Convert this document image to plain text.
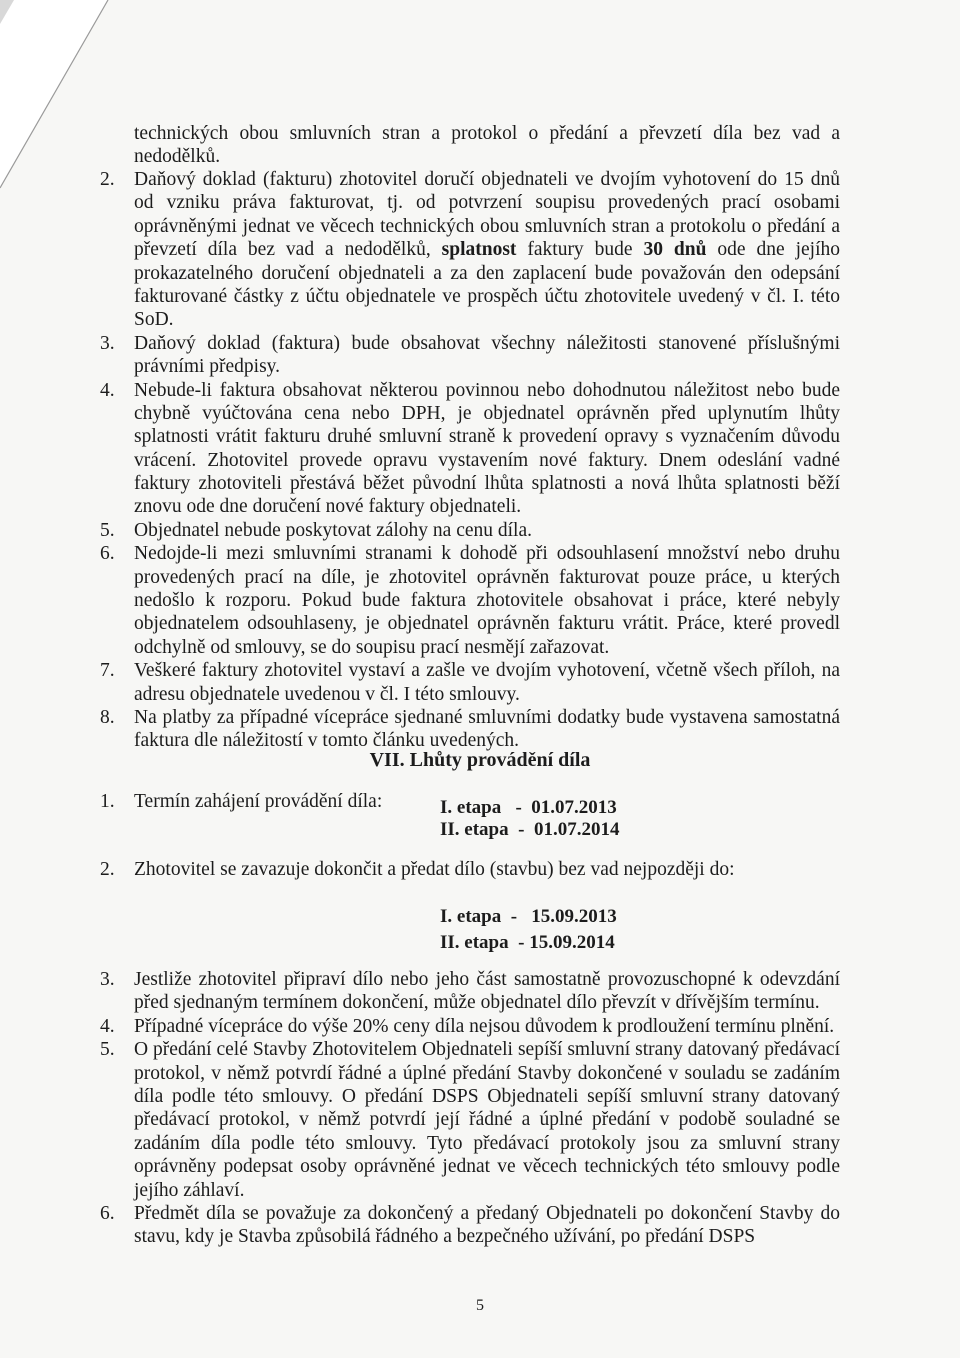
technických obou smluvních stran a protokol o předání a převzetí díla bez vad a nedodělků.
2. Daňový doklad (fakturu) zhotovitel doručí objednateli ve dvojím vyhotovení do 15 dnů od vzniku práva fakturovat, tj. od potvrzení soupisu provedených prací osobami oprávněnými jednat ve věcech technických obou smluvních stran a protokolu o předání a převzetí díla bez vad a nedodělků, splatnost faktury bude 30 dnů ode dne jejího prokazatelného doručení objednateli a za den zaplacení bude považován den odepsání fakturované částky z účtu objednatele ve prospěch účtu zhotovitele uvedený v čl. I. této SoD.
3. Daňový doklad (faktura) bude obsahovat všechny náležitosti stanovené příslušnými právními předpisy.
4. Nebude-li faktura obsahovat některou povinnou nebo dohodnutou náležitost nebo bude chybně vyúčtována cena nebo DPH, je objednatel oprávněn před uplynutím lhůty splatnosti vrátit fakturu druhé smluvní straně k provedení opravy s vyznačením důvodu vrácení. Zhotovitel provede opravu vystavením nové faktury. Dnem odeslání vadné faktury zhotoviteli přestává běžet původní lhůta splatnosti a nová lhůta splatnosti běží znovu ode dne doručení nové faktury objednateli.
5. Objednatel nebude poskytovat zálohy na cenu díla.
6. Nedojde-li mezi smluvními stranami k dohodě při odsouhlasení množství nebo druhu provedených prací na díle, je zhotovitel oprávněn fakturovat pouze práce, u kterých nedošlo k rozporu. Pokud bude faktura zhotovitele obsahovat i práce, které nebyly objednatelem odsouhlaseny, je objednatel oprávněn fakturu vrátit. Práce, které provedl odchylně od smlouvy, se do soupisu prací nesmějí zařazovat.
7. Veškeré faktury zhotovitel vystaví a zašle ve dvojím vyhotovení, včetně všech příloh, na adresu objednatele uvedenou v čl. I této smlouvy.
8. Na platby za případné vícepráce sjednané smluvními dodatky bude vystavena samostatná faktura dle náležitostí v tomto článku uvedených.
VII. Lhůty provádění díla
1. Termín zahájení provádění díla:	I. etapa   -  01.07.2013
II. etapa  -  01.07.2014
2. Zhotovitel se zavazuje dokončit a předat dílo (stavbu) bez vad nejpozději do:
I. etapa  -   15.09.2013
II. etapa  - 15.09.2014
3. Jestliže zhotovitel připraví dílo nebo jeho část samostatně provozuschopné k odevzdání před sjednaným termínem dokončení, může objednatel dílo převzít v dřívějším termínu.
4. Případné vícepráce do výše 20% ceny díla nejsou důvodem k prodloužení termínu plnění.
5. O předání celé Stavby Zhotovitelem Objednateli sepíší smluvní strany datovaný předávací protokol, v němž potvrdí řádné a úplné předání Stavby dokončené v souladu se zadáním díla podle této smlouvy. O předání DSPS Objednateli sepíší smluvní strany datovaný předávací protokol, v němž potvrdí její řádné a úplné předání v podobě souladné se zadáním díla podle této smlouvy. Tyto předávací protokoly jsou za smluvní strany oprávněny podepsat osoby oprávněné jednat ve věcech technických této smlouvy podle jejího záhlaví.
6. Předmět díla se považuje za dokončený a předaný Objednateli po dokončení Stavby do stavu, kdy je Stavba způsobilá řádného a bezpečného užívání, po předání DSPS
5
